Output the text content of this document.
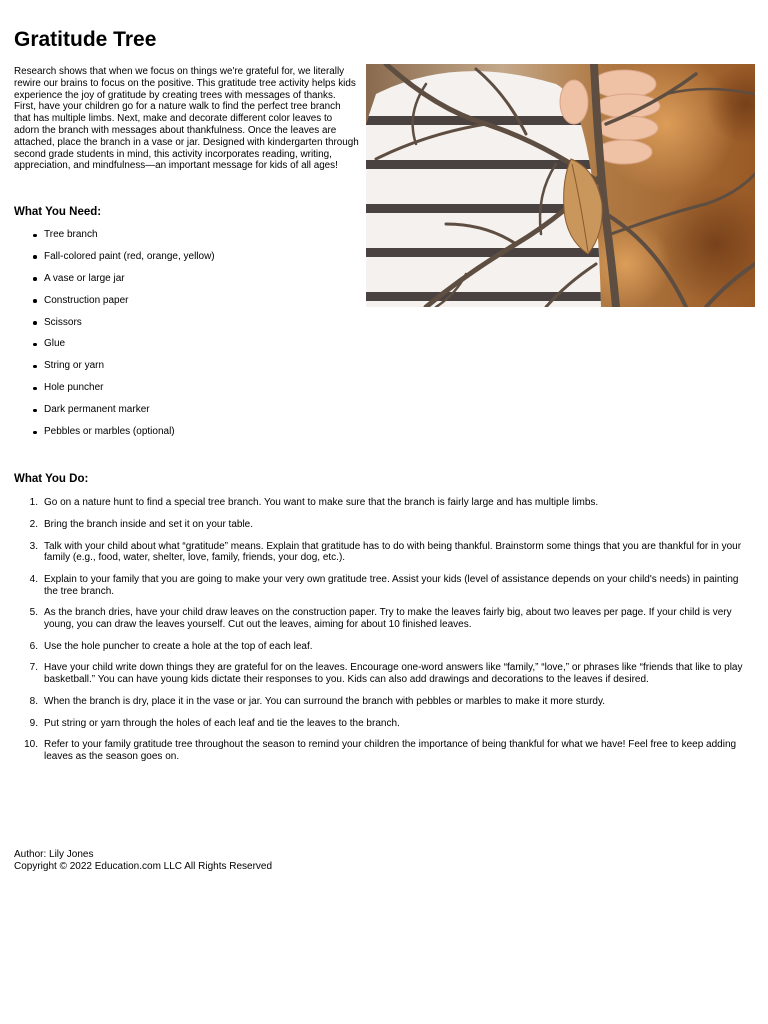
Gratitude Tree

Research shows that when we focus on things we're grateful for, we literally rewire our brains to focus on the positive. This gratitude tree activity helps kids experience the joy of gratitude by creating trees with messages of thanks. First, have your children go for a nature walk to find the perfect tree branch that has multiple limbs. Next, make and decorate different color leaves to adorn the branch with messages about thankfulness. Once the leaves are attached, place the branch in a vase or jar. Designed with kindergarten through second grade students in mind, this activity incorporates reading, writing, appreciation, and mindfulness—an important message for kids of all ages!

What You Need:
Tree branch
Fall-colored paint (red, orange, yellow)
A vase or large jar
Construction paper
Scissors
Glue
String or yarn
Hole puncher
Dark permanent marker
Pebbles or marbles (optional)
What You Do:
1. Go on a nature hunt to find a special tree branch. You want to make sure that the branch is fairly large and has multiple limbs.
2. Bring the branch inside and set it on your table.
3. Talk with your child about what “gratitude” means. Explain that gratitude has to do with being thankful. Brainstorm some things that you are thankful for in your family (e.g., food, water, shelter, love, family, friends, your dog, etc.).
4. Explain to your family that you are going to make your very own gratitude tree. Assist your kids (level of assistance depends on your child's needs) in painting the tree branch.
5. As the branch dries, have your child draw leaves on the construction paper. Try to make the leaves fairly big, about two leaves per page. If your child is very young, you can draw the leaves yourself. Cut out the leaves, aiming for about 10 finished leaves.
6. Use the hole puncher to create a hole at the top of each leaf.
7. Have your child write down things they are grateful for on the leaves. Encourage one-word answers like “family,” “love,” or phrases like “friends that like to play basketball.” You can have young kids dictate their responses to you. Kids can also add drawings and decorations to the leaves if desired.
8. When the branch is dry, place it in the vase or jar. You can surround the branch with pebbles or marbles to make it more sturdy.
9. Put string or yarn through the holes of each leaf and tie the leaves to the branch.
10. Refer to your family gratitude tree throughout the season to remind your children the importance of being thankful for what we have! Feel free to keep adding leaves as the season goes on.
Author: Lily Jones
Copyright © 2022 Education.com LLC All Rights Reserved
